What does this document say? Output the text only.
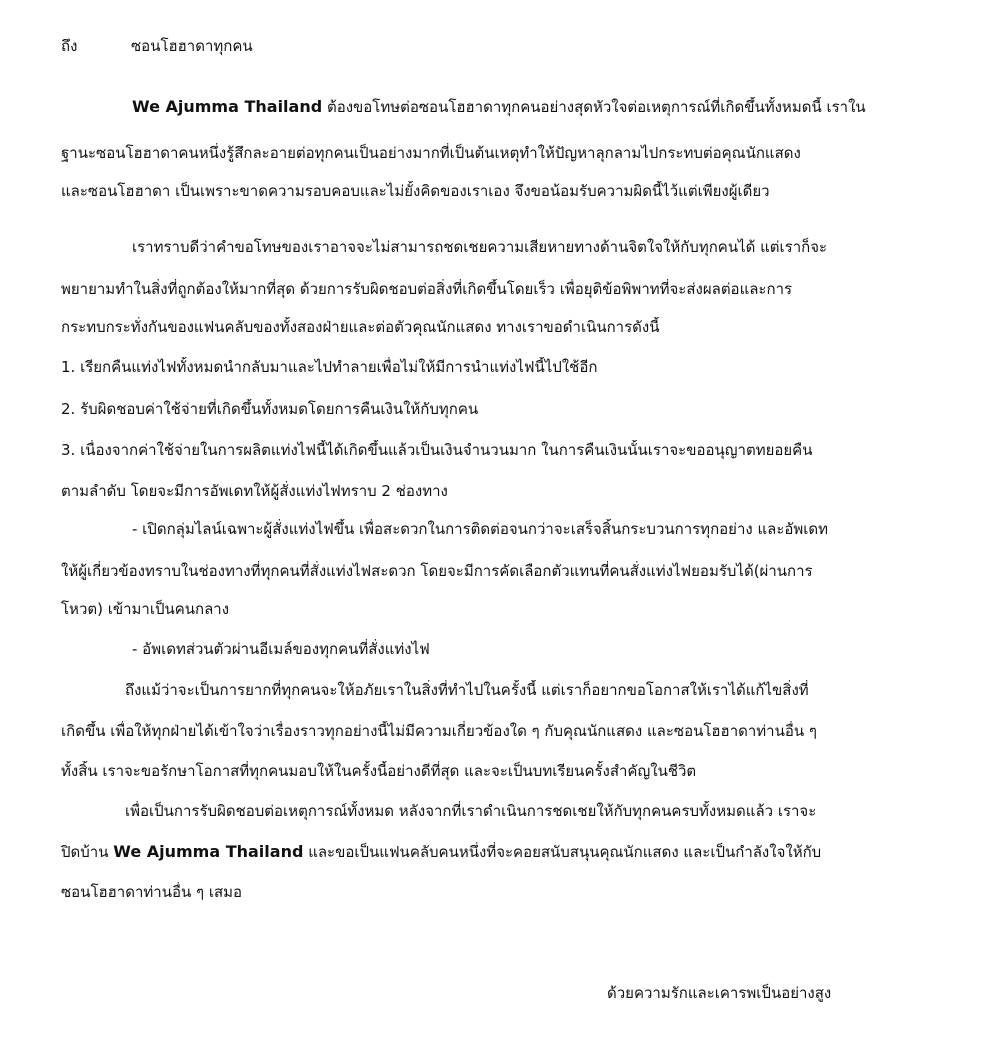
ถึง	ซอนโฮฮาดาทุกคน
We Ajumma Thailand ต้องขอโทษต่อซอนโฮฮาดาทุกคนอย่างสุดหัวใจต่อเหตุการณ์ที่เกิดขึ้นทั้งหมดนี้ เราใน
ฐานะซอนโฮฮาดาคนหนึ่งรู้สึกละอายต่อทุกคนเป็นอย่างมากที่เป็นต้นเหตุทำให้ปัญหาลุกลามไปกระทบต่อคุณนักแสดง
และซอนโฮฮาดา เป็นเพราะขาดความรอบคอบและไม่ยั้งคิดของเราเอง จึงขอน้อมรับความผิดนี้ไว้แต่เพียงผู้เดียว
เราทราบดีว่าคำขอโทษของเราอาจจะไม่สามารถชดเชยความเสียหายทางด้านจิตใจให้กับทุกคนได้ แต่เราก็จะ
พยายามทำในสิ่งที่ถูกต้องให้มากที่สุด ด้วยการรับผิดชอบต่อสิ่งที่เกิดขึ้นโดยเร็ว เพื่อยุติข้อพิพาทที่จะส่งผลต่อและการ
กระทบกระทั่งกันของแฟนคลับของทั้งสองฝ่ายและต่อตัวคุณนักแสดง ทางเราขอดำเนินการดังนี้
1. เรียกคืนแท่งไฟทั้งหมดนำกลับมาและไปทำลายเพื่อไม่ให้มีการนำแท่งไฟนี้ไปใช้อีก
2. รับผิดชอบค่าใช้จ่ายที่เกิดขึ้นทั้งหมดโดยการคืนเงินให้กับทุกคน
3. เนื่องจากค่าใช้จ่ายในการผลิตแท่งไฟนี้ได้เกิดขึ้นแล้วเป็นเงินจำนวนมาก ในการคืนเงินนั้นเราจะขออนุญาตทยอยคืน
ตามลำดับ โดยจะมีการอัพเดทให้ผู้สั่งแท่งไฟทราบ 2 ช่องทาง
- เปิดกลุ่มไลน์เฉพาะผู้สั่งแท่งไฟขึ้น เพื่อสะดวกในการติดต่อจนกว่าจะเสร็จสิ้นกระบวนการทุกอย่าง และอัพเดท
ให้ผู้เกี่ยวข้องทราบในช่องทางที่ทุกคนที่สั่งแท่งไฟสะดวก โดยจะมีการคัดเลือกตัวแทนที่คนสั่งแท่งไฟยอมรับได้(ผ่านการ
โหวต) เข้ามาเป็นคนกลาง
- อัพเดทส่วนตัวผ่านอีเมล์ของทุกคนที่สั่งแท่งไฟ
ถึงแม้ว่าจะเป็นการยากที่ทุกคนจะให้อภัยเราในสิ่งที่ทำไปในครั้งนี้ แต่เราก็อยากขอโอกาสให้เราได้แก้ไขสิ่งที่
เกิดขึ้น เพื่อให้ทุกฝ่ายได้เข้าใจว่าเรื่องราวทุกอย่างนี้ไม่มีความเกี่ยวข้องใด ๆ กับคุณนักแสดง และซอนโฮฮาดาท่านอื่น ๆ
ทั้งสิ้น เราจะขอรักษาโอกาสที่ทุกคนมอบให้ในครั้งนี้อย่างดีที่สุด และจะเป็นบทเรียนครั้งสำคัญในชีวิต
เพื่อเป็นการรับผิดชอบต่อเหตุการณ์ทั้งหมด หลังจากที่เราดำเนินการชดเชยให้กับทุกคนครบทั้งหมดแล้ว เราจะ
ปิดบ้าน We Ajumma Thailand และขอเป็นแฟนคลับคนหนึ่งที่จะคอยสนับสนุนคุณนักแสดง และเป็นกำลังใจให้กับ
ซอนโฮฮาดาท่านอื่น ๆ เสมอ
ด้วยความรักและเคารพเป็นอย่างสูง
